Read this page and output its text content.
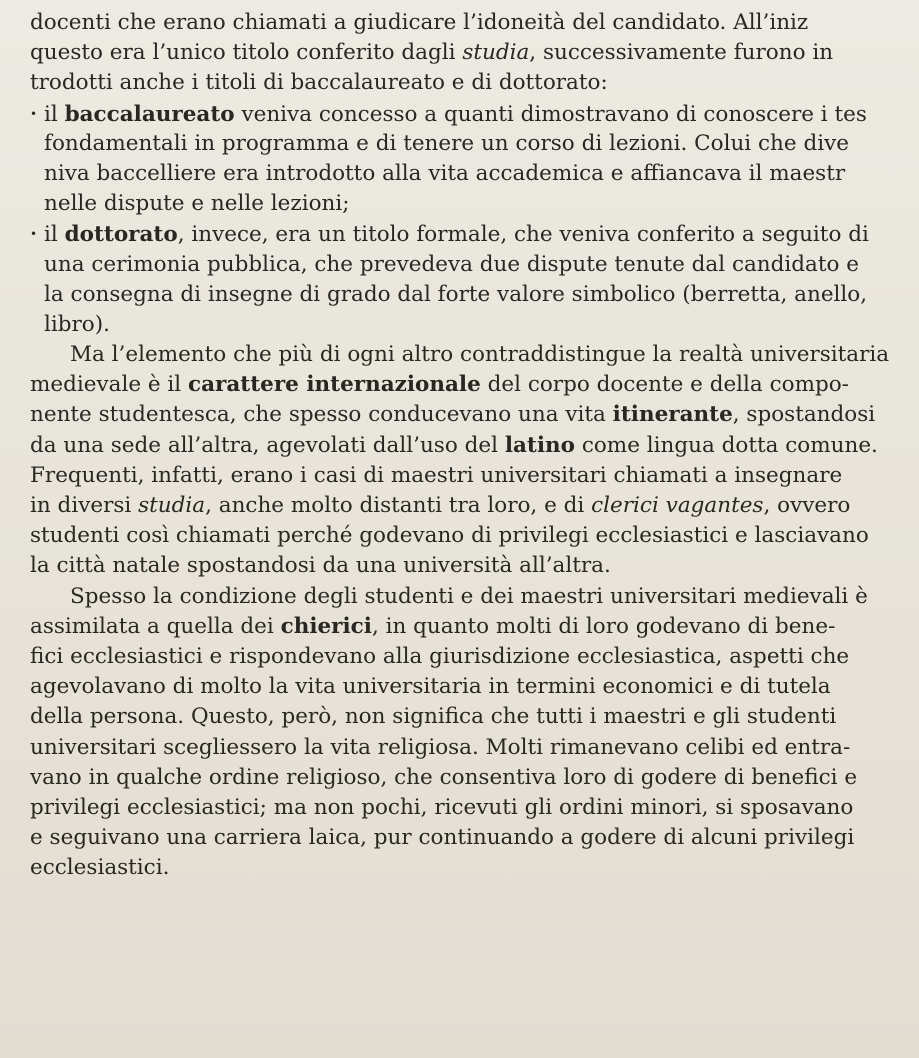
docenti che erano chiamati a giudicare l’idoneità del candidato. All’iniz
questo era l’unico titolo conferito dagli studia, successivamente furono in
trodotti anche i titoli di baccalaureato e di dottorato:
• il baccalaureato veniva concesso a quanti dimostravano di conoscere i tes
fondamentali in programma e di tenere un corso di lezioni. Colui che dive
niva baccelliere era introdotto alla vita accademica e affiancava il maestr
nelle dispute e nelle lezioni;
• il dottorato, invece, era un titolo formale, che veniva conferito a seguito di
una cerimonia pubblica, che prevedeva due dispute tenute dal candidato e
la consegna di insegne di grado dal forte valore simbolico (berretta, anello,
libro).
Ma l’elemento che più di ogni altro contraddistingue la realtà universitaria
medievale è il carattere internazionale del corpo docente e della compo-
nente studentesca, che spesso conducevano una vita itinerante, spostandosi
da una sede all’altra, agevolati dall’uso del latino come lingua dotta comune.
Frequenti, infatti, erano i casi di maestri universitari chiamati a insegnare
in diversi studia, anche molto distanti tra loro, e di clerici vagantes, ovvero
studenti così chiamati perché godevano di privilegi ecclesiastici e lasciavano
la città natale spostandosi da una università all’altra.
Spesso la condizione degli studenti e dei maestri universitari medievali è
assimilata a quella dei chierici, in quanto molti di loro godevano di bene-
fici ecclesiastici e rispondevano alla giurisdizione ecclesiastica, aspetti che
agevolavano di molto la vita universitaria in termini economici e di tutela
della persona. Questo, però, non significa che tutti i maestri e gli studenti
universitari scegliessero la vita religiosa. Molti rimanevano celibi ed entra-
vano in qualche ordine religioso, che consentiva loro di godere di benefici e
privilegi ecclesiastici; ma non pochi, ricevuti gli ordini minori, si sposavano
e seguivano una carriera laica, pur continuando a godere di alcuni privilegi
ecclesiastici.
